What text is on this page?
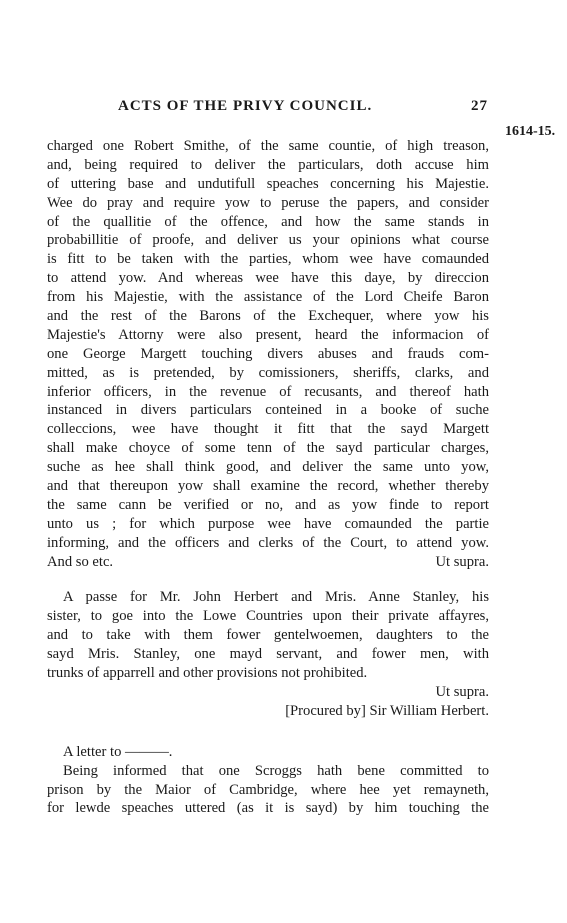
ACTS OF THE PRIVY COUNCIL.	27
1614-15.
charged one Robert Smithe, of the same countie, of high treason,
and, being required to deliver the particulars, doth accuse him
of uttering base and undutifull speaches concerning his Majestie.
Wee do pray and require yow to peruse the papers, and consider
of the quallitie of the offence, and how the same stands in
probabillitie of proofe, and deliver us your opinions what course
is fitt to be taken with the parties, whom wee have comaunded
to attend yow. And whereas wee have this daye, by direccion
from his Majestie, with the assistance of the Lord Cheife Baron
and the rest of the Barons of the Exchequer, where yow his
Majestie's Attorny were also present, heard the informacion of
one George Margett touching divers abuses and frauds com-
mitted, as is pretended, by comissioners, sheriffs, clarks, and
inferior officers, in the revenue of recusants, and thereof hath
instanced in divers particulars conteined in a booke of suche
colleccions, wee have thought it fitt that the sayd Margett
shall make choyce of some tenn of the sayd particular charges,
suche as hee shall think good, and deliver the same unto yow,
and that thereupon yow shall examine the record, whether thereby
the same cann be verified or no, and as yow finde to report
unto us ; for which purpose wee have comaunded the partie
informing, and the officers and clerks of the Court, to attend yow.
And so etc.	Ut supra.
A passe for Mr. John Herbert and Mris. Anne Stanley, his
sister, to goe into the Lowe Countries upon their private affayres,
and to take with them fower gentelwoemen, daughters to the
sayd Mris. Stanley, one mayd servant, and fower men, with
trunks of apparrell and other provisions not prohibited.
Ut supra.
[Procured by] Sir William Herbert.
A letter to ———.
Being informed that one Scroggs hath bene committed to
prison by the Maior of Cambridge, where hee yet remayneth,
for lewde speaches uttered (as it is sayd) by him touching the
